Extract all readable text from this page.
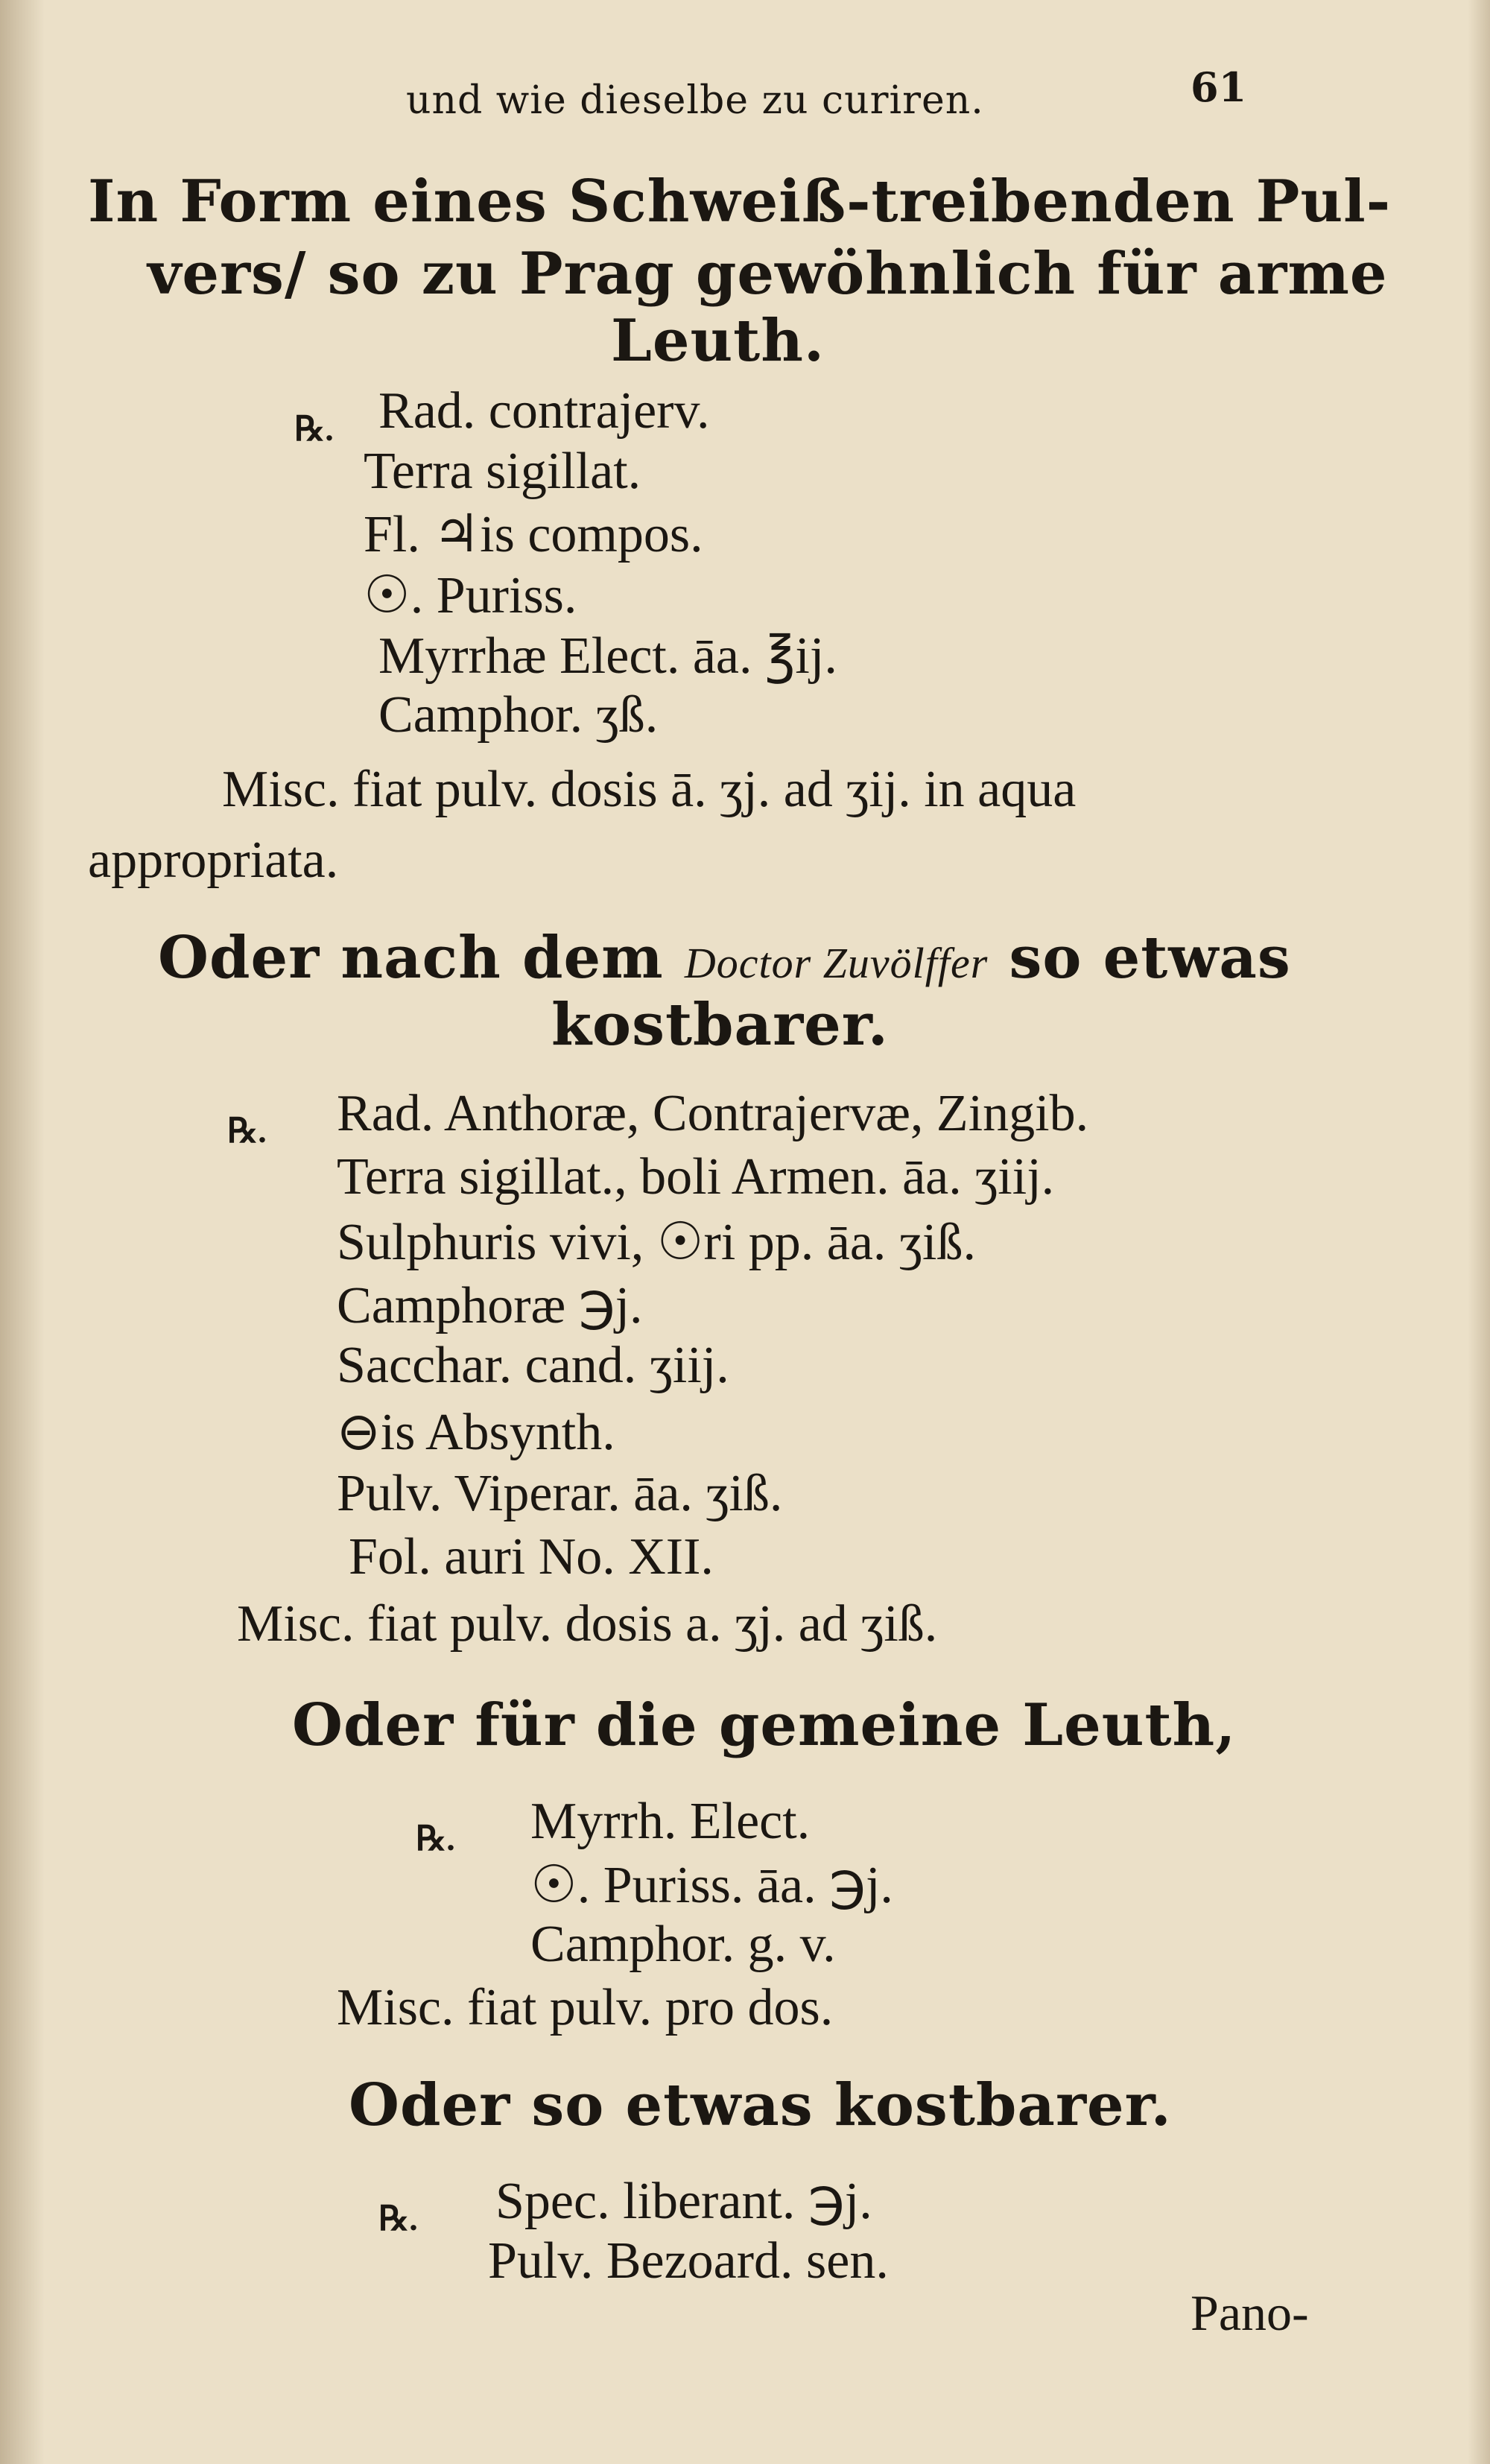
und wie dieselbe zu curiren.	61
In Form eines Schweiß-treibenden Pul-
vers/ so zu Prag gewöhnlich für arme
Leuth.
℞. Rad. contrajerv.
Terra sigillat.
Fl. ♃is compos.
☉. Puriss.
Myrrhæ Elect. āa. ℥ij.
Camphor. ʒß.
Misc. fiat pulv. dosis ā. ʒj. ad ʒij. in aqua
appropriata.
Oder nach dem Doctor Zuvölffer so etwas
kostbarer.
℞. Rad. Anthoræ, Contrajervæ, Zingib.
Terra sigillat., boli Armen. āa. ʒiij.
Sulphuris vivi, ☉ri pp. āa. ʒiß.
Camphoræ ℈j.
Sacchar. cand. ʒiij.
⊖is Absynth.
Pulv. Viperar. āa. ʒiß.
Fol. auri No. XII.
Misc. fiat pulv. dosis a. ʒj. ad ʒiß.
Oder für die gemeine Leuth,
℞. Myrrh. Elect.
☉. Puriss. āa. ℈j.
Camphor. g. v.
Misc. fiat pulv. pro dos.
Oder so etwas kostbarer.
℞. Spec. liberant. ℈j.
Pulv. Bezoard. sen.
Pano-
